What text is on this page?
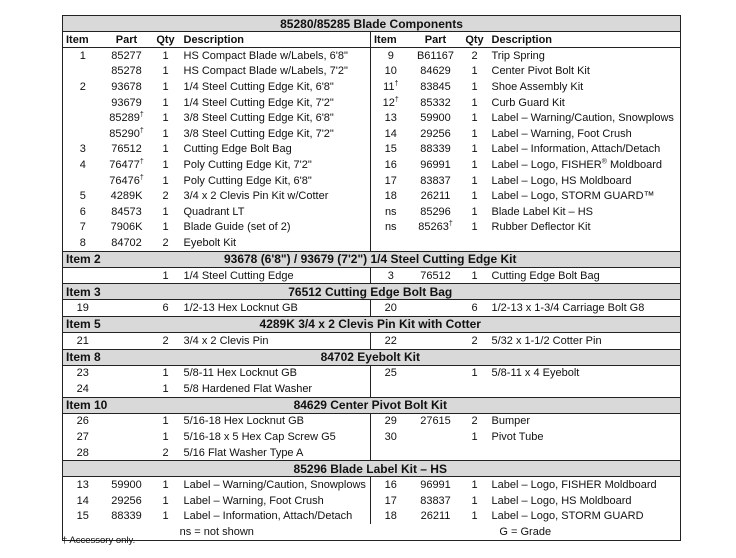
85280/85285 Blade Components							
Item	Part	Qty	Description	Item	Part	Qty	Description
1	85277	1	HS Compact Blade w/Labels, 6'8"	9	B61167	2	Trip Spring
	85278	1	HS Compact Blade w/Labels, 7'2"	10	84629	1	Center Pivot Bolt Kit
2	93678	1	1/4 Steel Cutting Edge Kit, 6'8"	11†	83845	1	Shoe Assembly Kit
	93679	1	1/4 Steel Cutting Edge Kit, 7'2"	12†	85332	1	Curb Guard Kit
	85289†	1	3/8 Steel Cutting Edge Kit, 6'8"	13	59900	1	Label – Warning/Caution, Snowplows
	85290†	1	3/8 Steel Cutting Edge Kit, 7'2"	14	29256	1	Label – Warning, Foot Crush
3	76512	1	Cutting Edge Bolt Bag	15	88339	1	Label – Information, Attach/Detach
4	76477†	1	Poly Cutting Edge Kit, 7'2"	16	96991	1	Label – Logo, FISHER® Moldboard
	76476†	1	Poly Cutting Edge Kit, 6'8"	17	83837	1	Label – Logo, HS Moldboard
5	4289K	2	3/4 x 2 Clevis Pin Kit w/Cotter	18	26211	1	Label – Logo, STORM GUARD™
6	84573	1	Quadrant LT	ns	85296	1	Blade Label Kit – HS
7	7906K	1	Blade Guide (set of 2)	ns	85263†	1	Rubber Deflector Kit
8	84702	2	Eyebolt Kit				
Item 2		93678 (6'8") / 93679 (7'2") 1/4 Steel Cutting Edge Kit					
		1	1/4 Steel Cutting Edge	3	76512	1	Cutting Edge Bolt Bag
Item 3		76512 Cutting Edge Bolt Bag					
19		6	1/2-13 Hex Locknut GB	20		6	1/2-13 x 1-3/4 Carriage Bolt G8
Item 5		4289K 3/4 x 2 Clevis Pin Kit with Cotter					
21		2	3/4 x 2 Clevis Pin	22		2	5/32 x 1-1/2 Cotter Pin
Item 8		84702 Eyebolt Kit					
23		1	5/8-11 Hex Locknut GB	25		1	5/8-11 x 4 Eyebolt
24		1	5/8 Hardened Flat Washer				
Item 10		84629 Center Pivot Bolt Kit					
26		1	5/16-18 Hex Locknut GB	29	27615	2	Bumper
27		1	5/16-18 x 5 Hex Cap Screw G5	30		1	Pivot Tube
28		2	5/16 Flat Washer Type A				
		85296 Blade Label Kit – HS					
13	59900	1	Label – Warning/Caution, Snowplows	16	96991	1	Label – Logo, FISHER Moldboard
14	29256	1	Label – Warning, Foot Crush	17	83837	1	Label – Logo, HS Moldboard
15	88339	1	Label – Information, Attach/Detach	18	26211	1	Label – Logo, STORM GUARD
ns = not shown				G = Grade			
† Accessory only.
